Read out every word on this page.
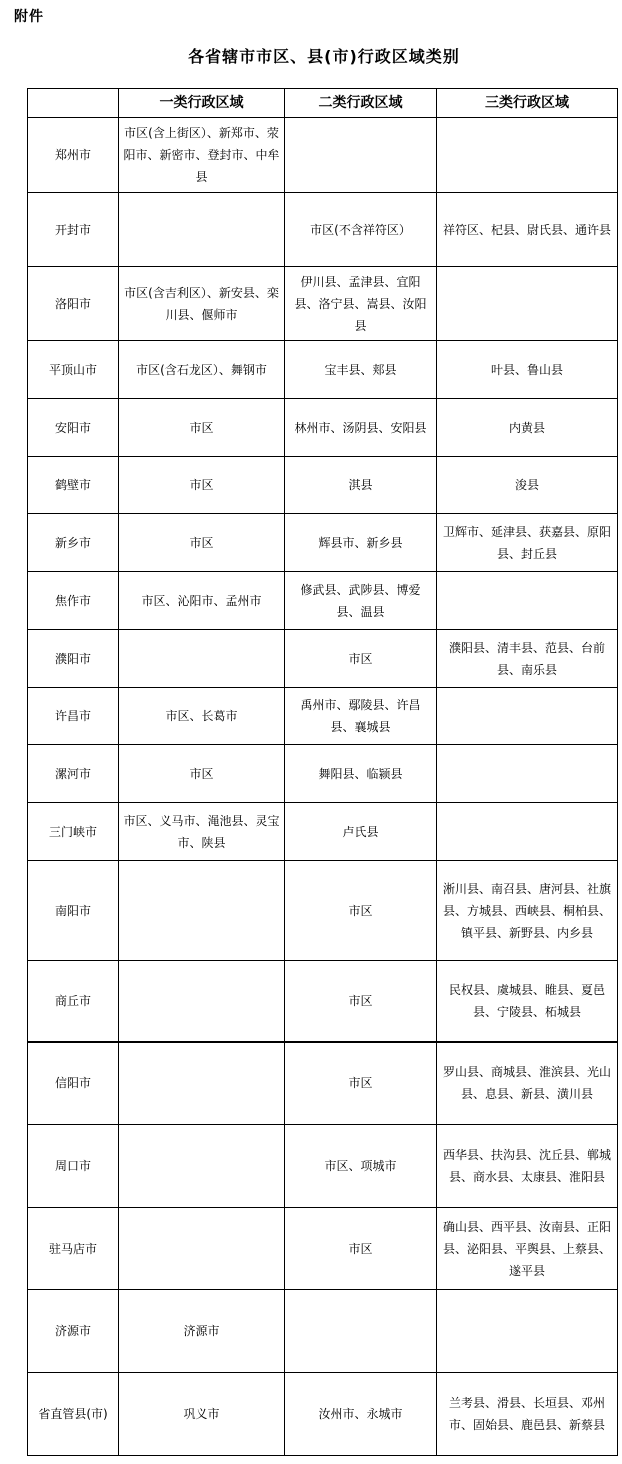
附件
各省辖市市区、县(市)行政区域类别
	一类行政区域	二类行政区域	三类行政区域
郑州市	市区(含上街区）、新郑市、荥阳市、新密市、登封市、中牟县		
开封市		市区(不含祥符区）	祥符区、杞县、尉氏县、通许县
洛阳市	市区(含吉利区）、新安县、栾川县、偃师市	伊川县、孟津县、宜阳县、洛宁县、嵩县、汝阳县	
平顶山市	市区(含石龙区）、舞钢市	宝丰县、郏县	叶县、鲁山县
安阳市	市区	林州市、汤阴县、安阳县	内黄县
鹤壁市	市区	淇县	浚县
新乡市	市区	辉县市、新乡县	卫辉市、延津县、获嘉县、原阳县、封丘县
焦作市	市区、沁阳市、孟州市	修武县、武陟县、博爱县、温县	
濮阳市		市区	濮阳县、清丰县、范县、台前县、南乐县
许昌市	市区、长葛市	禹州市、鄢陵县、许昌县、襄城县	
漯河市	市区	舞阳县、临颍县	
三门峡市	市区、义马市、渑池县、灵宝市、陕县	卢氏县	
南阳市		市区	淅川县、南召县、唐河县、社旗县、方城县、西峡县、桐柏县、镇平县、新野县、内乡县
商丘市		市区	民权县、虞城县、睢县、夏邑县、宁陵县、柘城县
信阳市		市区	罗山县、商城县、淮滨县、光山县、息县、新县、潢川县
周口市		市区、项城市	西华县、扶沟县、沈丘县、郸城县、商水县、太康县、淮阳县
驻马店市		市区	确山县、西平县、汝南县、正阳县、泌阳县、平舆县、上蔡县、遂平县
济源市	济源市		
省直管县(市)	巩义市	汝州市、永城市	兰考县、滑县、长垣县、邓州市、固始县、鹿邑县、新蔡县
